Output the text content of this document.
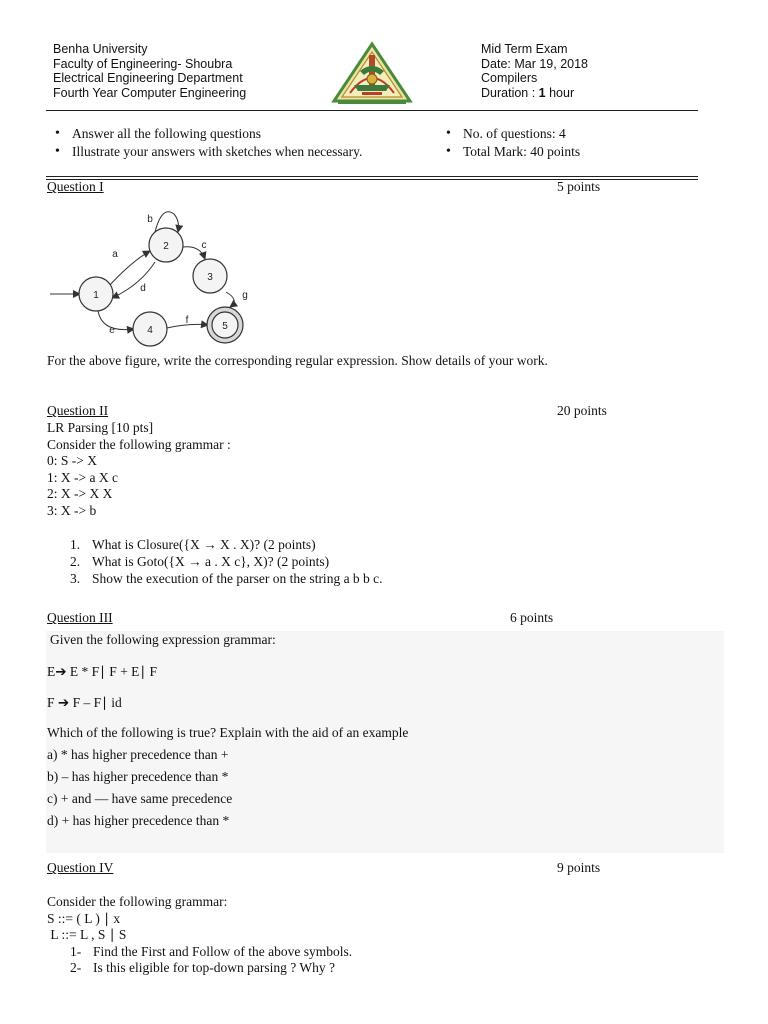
Benha University
Faculty of Engineering- Shoubra
Electrical Engineering Department
Fourth Year Computer Engineering
Mid Term Exam
Date: Mar 19, 2018
Compilers
Duration : 1 hour
• Answer all the following questions
• Illustrate your answers with sketches when necessary.
• No. of questions: 4
• Total Mark: 40 points
Question I	5 points
2
3
1
4	5
a
b
c
d
e
f
g
For the above figure, write the corresponding regular expression. Show details of your work.
Question II	20 points
LR Parsing [10 pts]
Consider the following grammar :
0: S -> X
1: X -> a X c
2: X -> X X
3: X -> b
1. What is Closure({X → X . X)? (2 points)
2. What is Goto({X → a . X c}, X)? (2 points)
3. Show the execution of the parser on the string a b b c.
Question III	6 points
Given the following expression grammar:
E➔ E * F∣ F + E∣ F
F ➔ F – F∣ id
Which of the following is true? Explain with the aid of an example
a) * has higher precedence than +
b) – has higher precedence than *
c) + and — have same precedence
d) + has higher precedence than *
Question IV	9 points
Consider the following grammar:
S ::= ( L ) ∣ x
L ::= L , S ∣ S
1- Find the First and Follow of the above symbols.
2- Is this eligible for top-down parsing ? Why ?
